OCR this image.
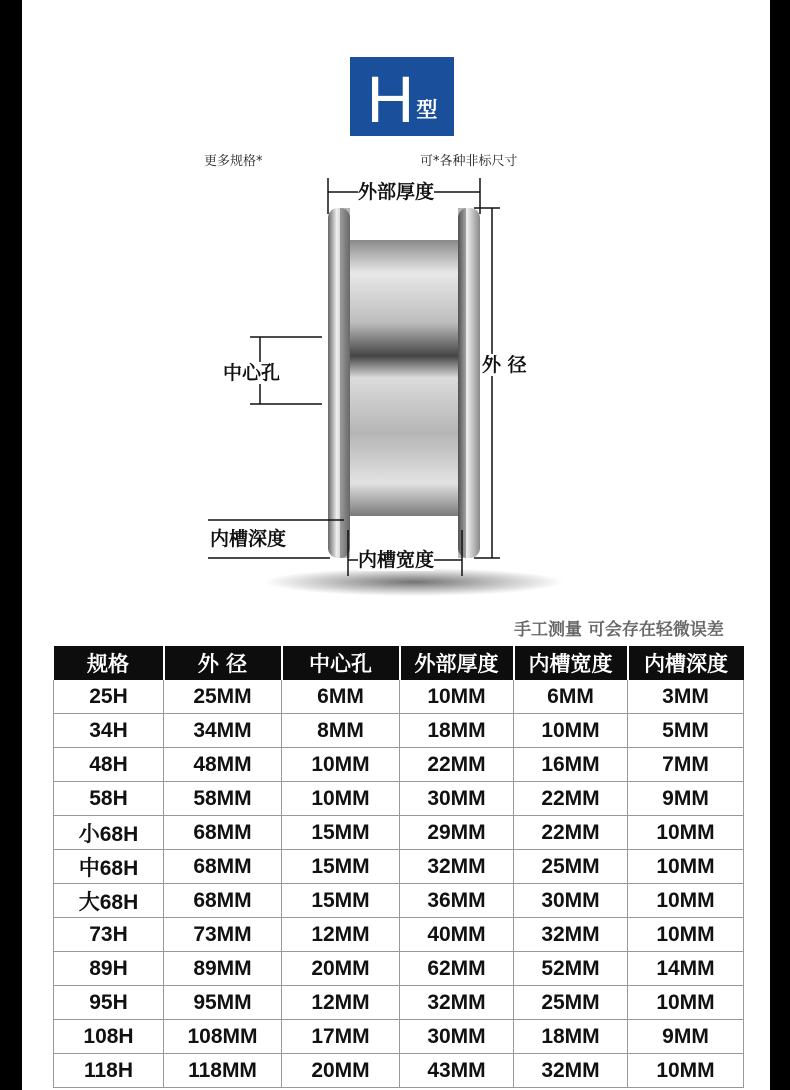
H 型
更多规格*	可*各种非标尺寸
外部厚度
外 径
中心孔
内槽深度
内槽宽度
手工测量 可会存在轻微误差
规格	外 径	中心孔	外部厚度	内槽宽度	内槽深度
25H	25MM	6MM	10MM	6MM	3MM
34H	34MM	8MM	18MM	10MM	5MM
48H	48MM	10MM	22MM	16MM	7MM
58H	58MM	10MM	30MM	22MM	9MM
小68H	68MM	15MM	29MM	22MM	10MM
中68H	68MM	15MM	32MM	25MM	10MM
大68H	68MM	15MM	36MM	30MM	10MM
73H	73MM	12MM	40MM	32MM	10MM
89H	89MM	20MM	62MM	52MM	14MM
95H	95MM	12MM	32MM	25MM	10MM
108H	108MM	17MM	30MM	18MM	9MM
118H	118MM	20MM	43MM	32MM	10MM
